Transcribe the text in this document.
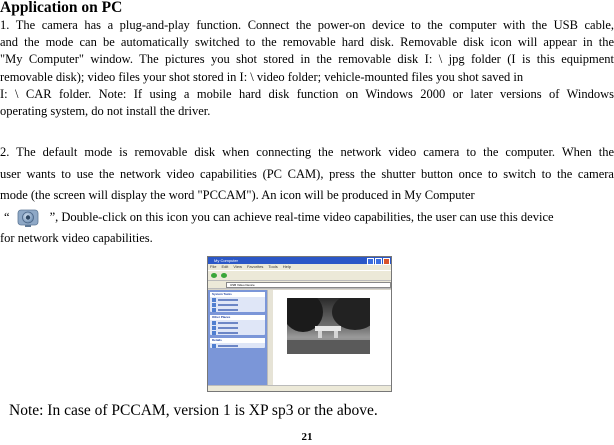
Application on PC
1. The camera has a plug-and-play function. Connect the power-on device to the computer with the USB cable,
and the mode can be automatically switched to the removable hard disk. Removable disk icon will appear in the
"My Computer" window. The pictures you shot stored in the removable disk I: \ jpg folder (I is this equipment
removable disk); video files your shot stored in I: \ video folder; vehicle-mounted files you shot saved in
I: \ CAR folder. Note: If using a mobile hard disk function on Windows 2000 or later versions of Windows
operating system, do not install the driver.
2. The default mode is removable disk when connecting the network video camera to the computer. When the
user wants to use the network video capabilities (PC CAM), press the shutter button once to switch to the camera
mode (the screen will display the word "PCCAM"). An icon will be produced in My Computer
“	”, Double-click on this icon you can achieve real-time video capabilities, the user can use this device
for network video capabilities.
My Computer
File Edit View Favorites Tools Help
USB Video Device
System Tasks
Other Places
Details
Note: In case of PCCAM, version 1 is XP sp3 or the above.
21
